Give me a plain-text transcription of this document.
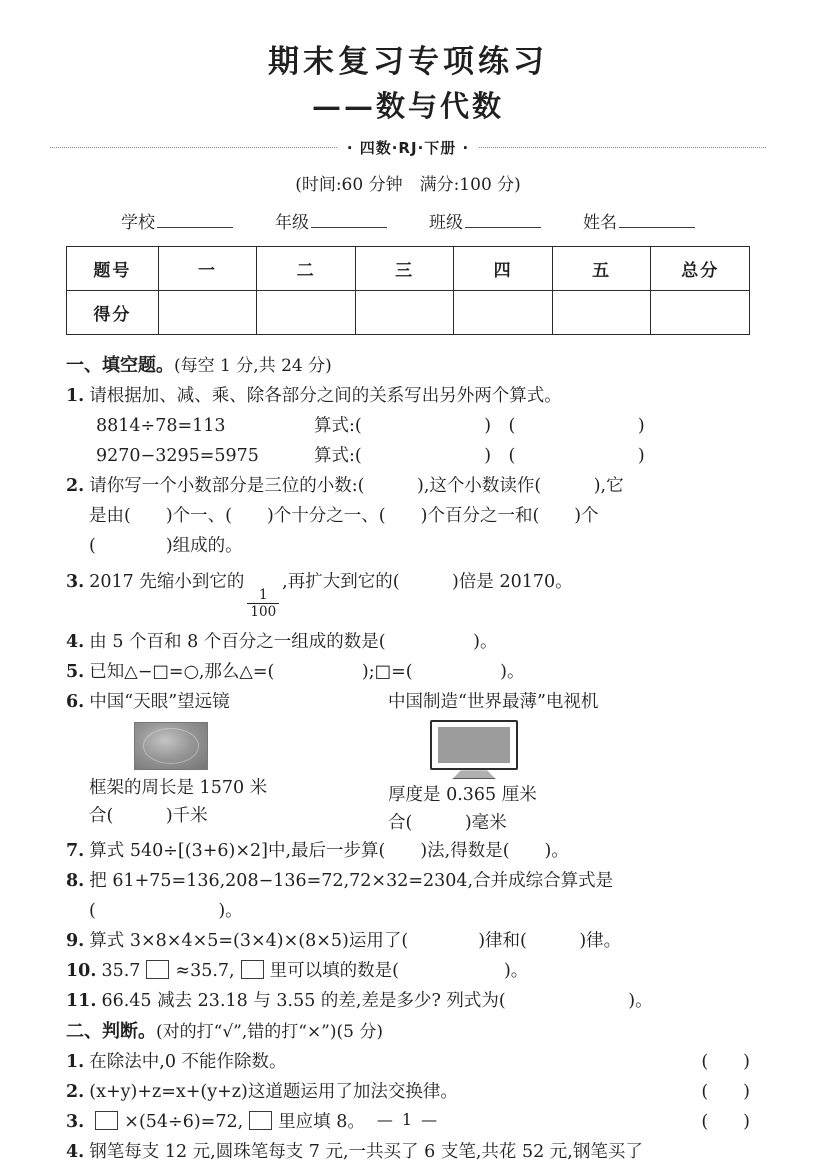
期末复习专项练习
——数与代数
· 四数·RJ·下册 ·
(时间:60 分钟　满分:100 分)
学校	年级	班级	姓名
题号	一	二	三	四	五	总分
得分						
一、填空题。(每空 1 分,共 24 分)
1. 请根据加、减、乘、除各部分之间的关系写出另外两个算式。
8814÷78=113	算式:(　　　　　　　)　(　　　　　　　)
9270−3295=5975	算式:(　　　　　　　)　(　　　　　　　)
2. 请你写一个小数部分是三位的小数:(　　　),这个小数读作(　　　),它
是由(　　)个一、(　　)个十分之一、(　　)个百分之一和(　　)个
(　　　　)组成的。
3. 2017 先缩小到它的
$\frac{1}{100}$
,再扩大到它的(　　　)倍是 20170。
4. 由 5 个百和 8 个百分之一组成的数是(　　　　　)。
5. 已知△−□=○,那么△=(　　　　　);□=(　　　　　)。
6. 中国“天眼”望远镜	中国制造“世界最薄”电视机
框架的周长是 1570 米
合(　　　)千米
厚度是 0.365 厘米
合(　　　)毫米
7. 算式 540÷[(3+6)×2]中,最后一步算(　　)法,得数是(　　)。
8. 把 61+75=136,208−136=72,72×32=2304,合并成综合算式是
(　　　　　　　)。
9. 算式 3×8×4×5=(3×4)×(8×5)运用了(　　　　)律和(　　　)律。
10. 35.7 ≈35.7, 里可以填的数是(　　　　　　)。
11. 66.45 减去 23.18 与 3.55 的差,差是多少? 列式为(　　　　　　　)。
二、判断。(对的打“√”,错的打“×”)(5 分)
1. 在除法中,0 不能作除数。	(　　)
2. (x+y)+z=x+(y+z)这道题运用了加法交换律。	(　　)
3. ×(54÷6)=72, 里应填 8。	(　　)
4. 钢笔每支 12 元,圆珠笔每支 7 元,一共买了 6 支笔,共花 52 元,钢笔买了
— 1 —
